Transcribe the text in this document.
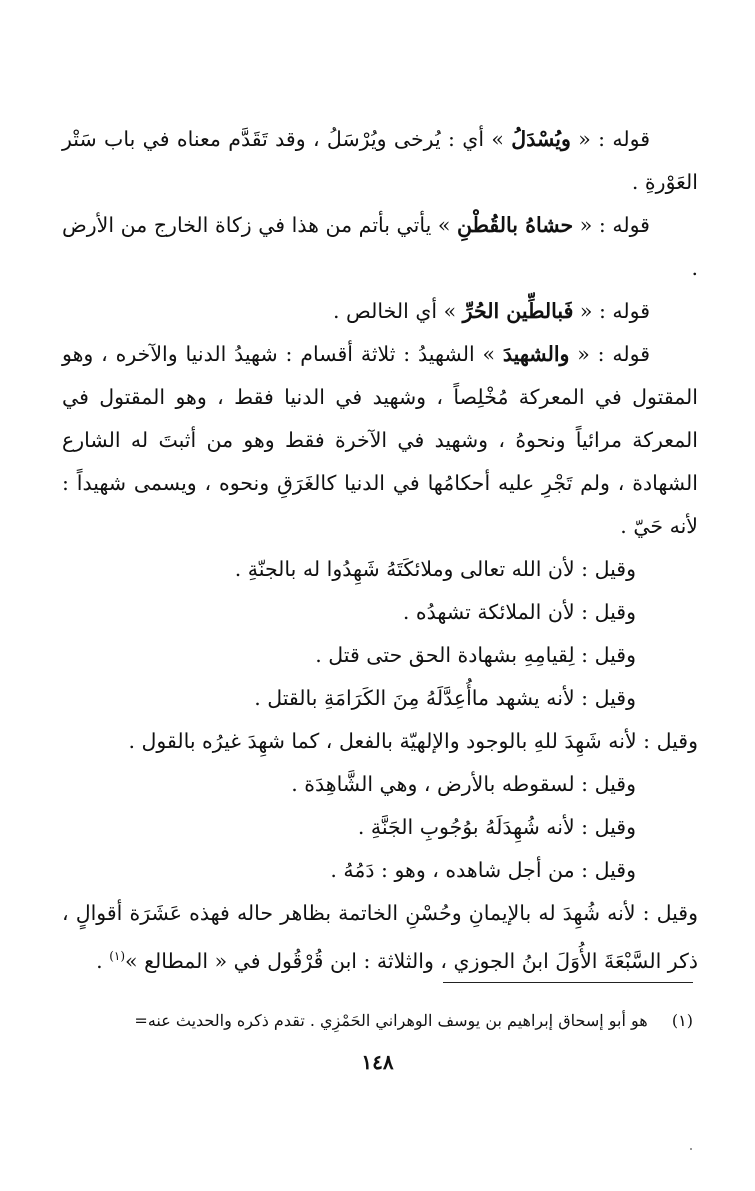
قوله : « ويُسْدَلُ » أي : يُرخى ويُرْسَلُ ، وقد تَقَدَّم معناه في باب سَتْر العَوْرةِ .

قوله : « حشاهُ بالقُطْنِ » يأتي بأتم من هذا في زكاة الخارج من الأرض .

قوله : « فَبالطِّين الحُرِّ » أي الخالص .

قوله : « والشهيدَ » الشهيدُ : ثلاثة أقسام : شهيدُ الدنيا والآخره ، وهو المقتول في المعركة مُخْلِصاً ، وشهيد في الدنيا فقط ، وهو المقتول في المعركة مرائياً ونحوهُ ، وشهيد في الآخرة فقط وهو من أثبتَ له الشارع الشهادة ، ولم تَجْرِ عليه أحكامُها في الدنيا كالغَرَقِ ونحوه ، ويسمى شهيداً : لأنه حَيّ .

وقيل : لأن الله تعالى وملائكَتَهُ شَهِدُوا له بالجنّةِ .

وقيل : لأن الملائكة تشهدُه .

وقيل : لِقيامِهِ بشهادة الحق حتى قتل .

وقيل : لأنه يشهد ماأُعِدَّلَهُ مِنَ الكَرَامَةِ بالقتل .

وقيل : لأنه شَهِدَ للهِ بالوجود والإلهيّة بالفعل ، كما شهِدَ غيرُه بالقول .

وقيل : لسقوطه بالأرض ، وهي الشَّاهِدَة .

وقيل : لأنه شُهِدَلَهُ بوُجُوبِ الجَنَّةِ .

وقيل : من أجل شاهده ، وهو : دَمُهُ .

وقيل : لأنه شُهِدَ له بالإيمانِ وحُسْنِ الخاتمة بظاهر حاله فهذه عَشَرَة أقوالٍ ، ذكر السَّبْعَةَ الأُوَلَ ابنُ الجوزي ، والثلاثة : ابن قُرْقُول في « المطالع »$^{(١)}$ .

(١)  هو أبو إسحاق إبراهيم بن يوسف الوهراني الحَمْزِي . تقدم ذكره والحديث عنه=
١٤٨
